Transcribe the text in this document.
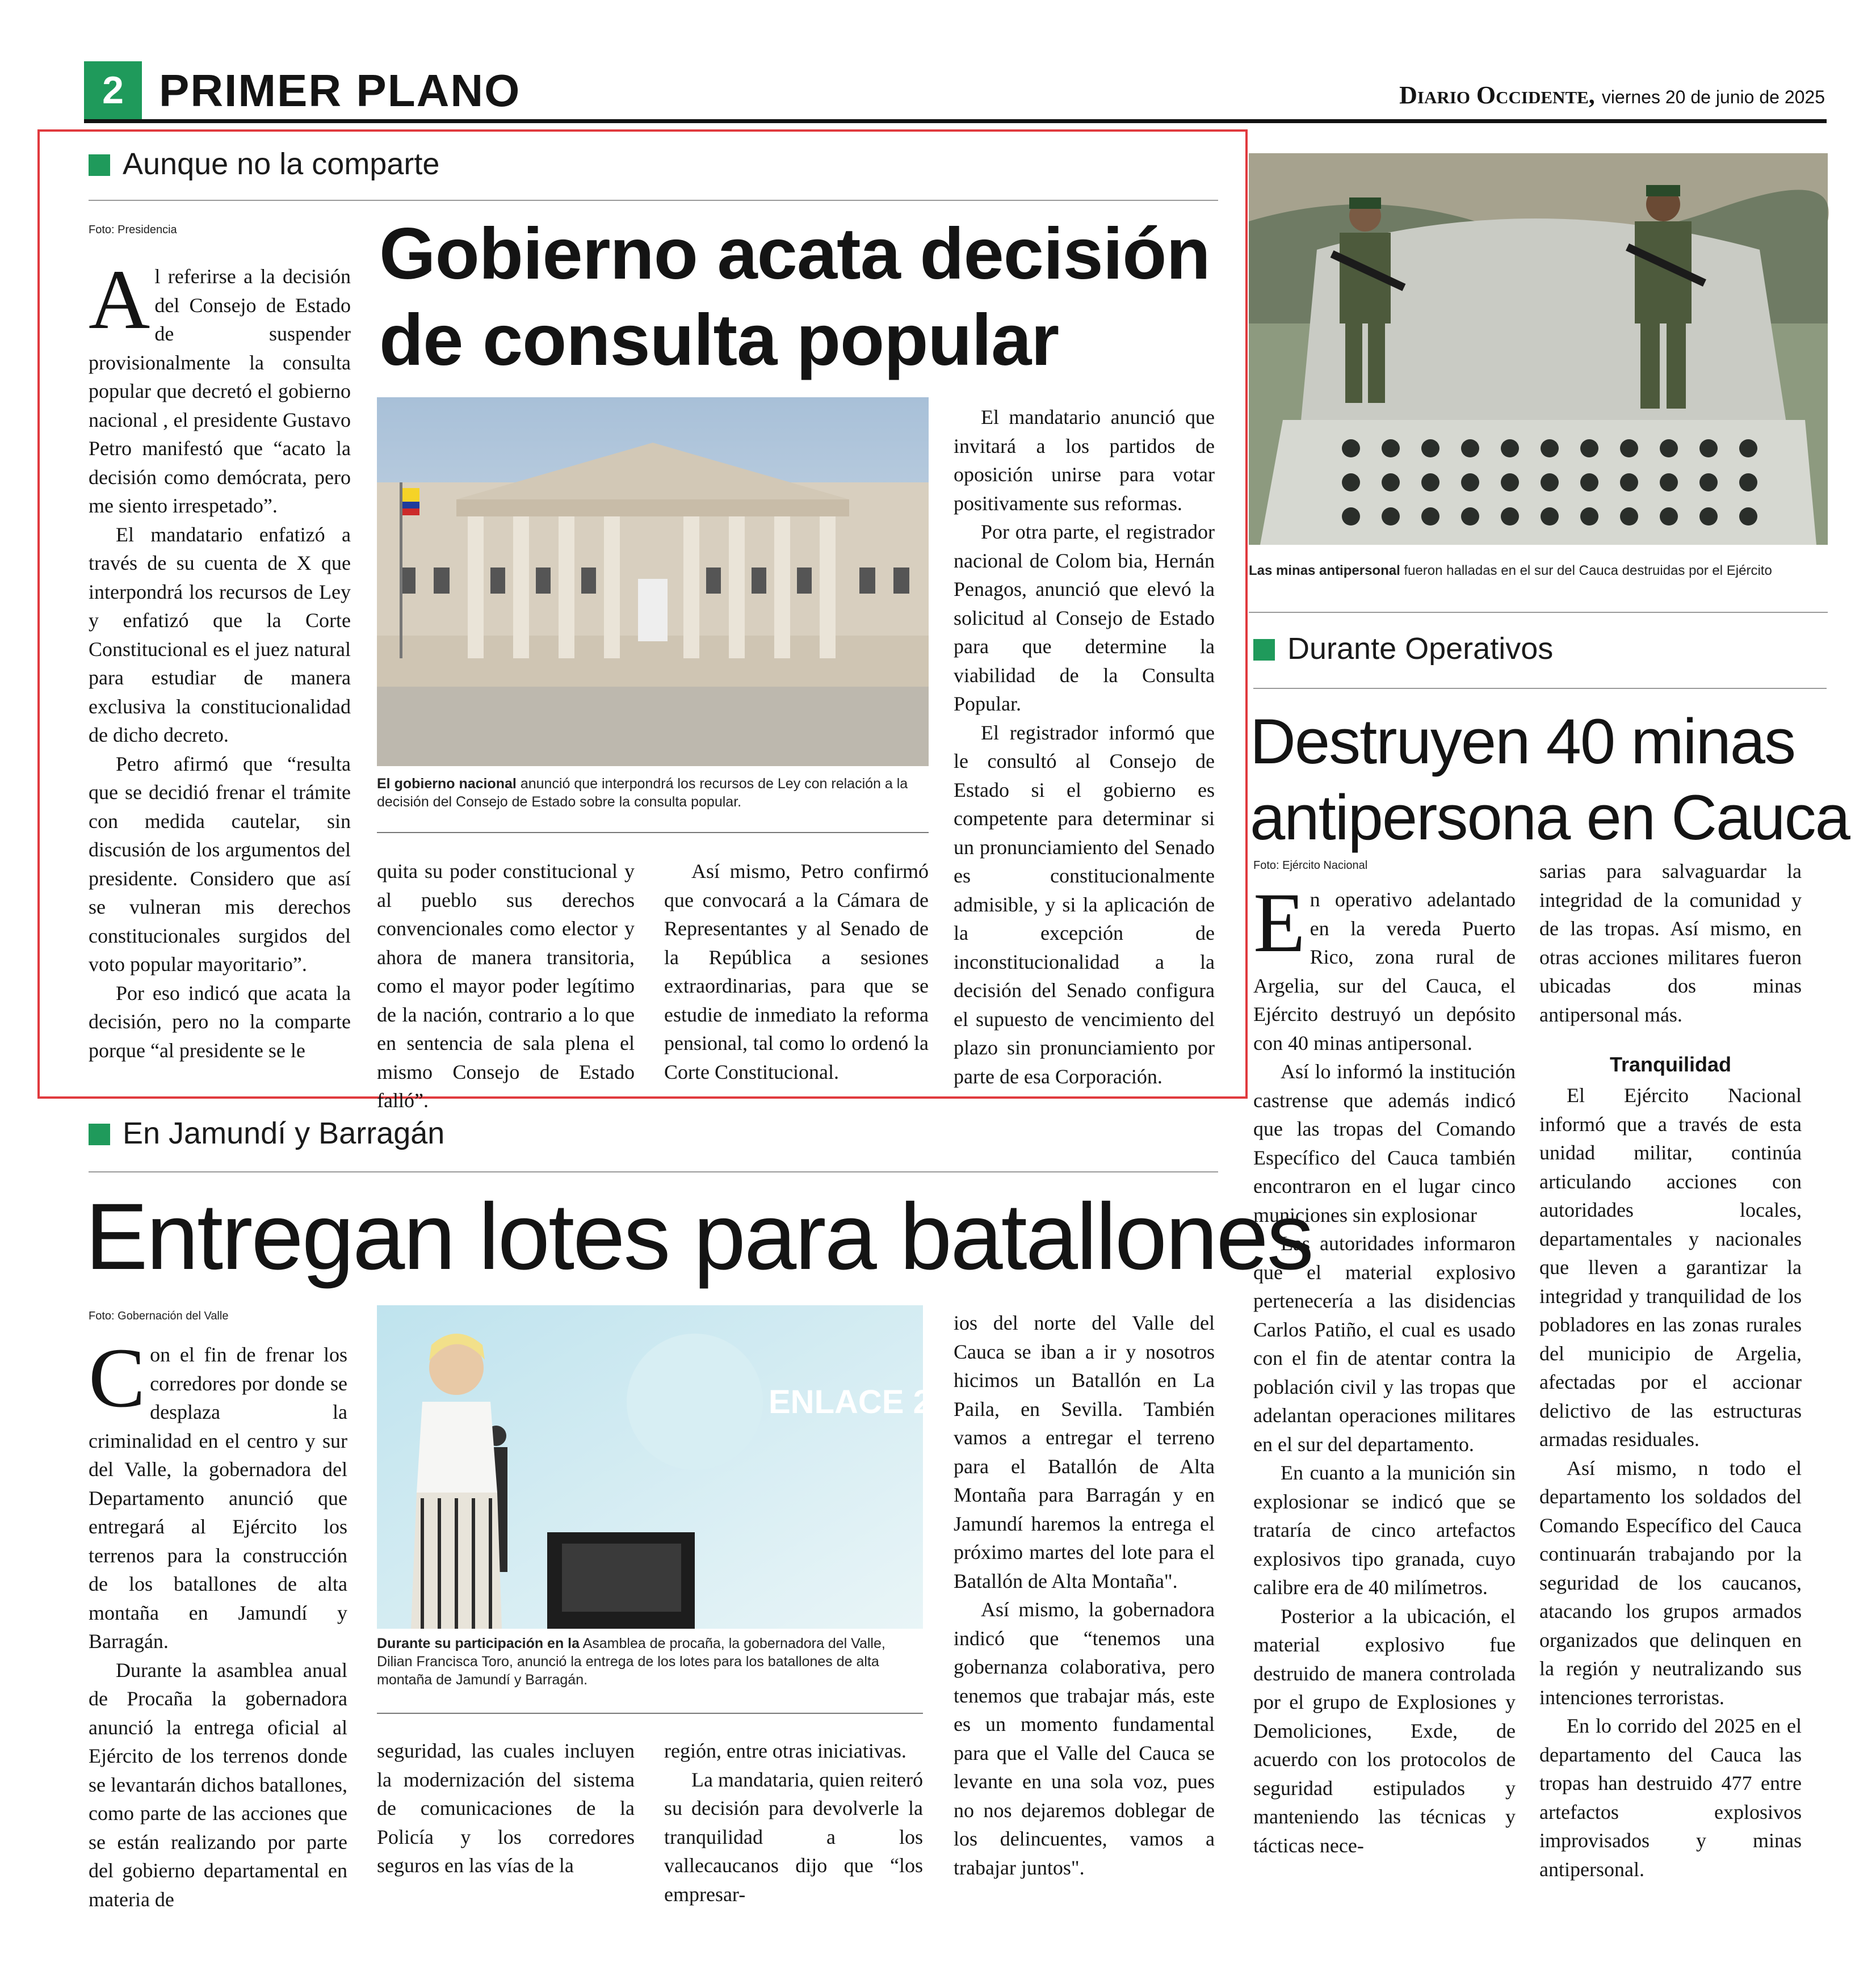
2 PRIMER PLANO	Diario Occidente, viernes 20 de junio de 2025
Aunque no la comparte
Foto: Presidencia	Gobierno acata decisión
de consulta popular
El gobierno nacional anunció que interpondrá los recursos de Ley con relación a la decisión del Consejo de Estado sobre la consulta popular.
A l referirse a la decisión del Consejo de Estado de suspender provisionalmente la consulta popular que decretó el gobierno nacional , el presidente Gustavo Petro manifestó que “acato la decisión como demócrata, pero me siento irrespetado”.

El mandatario enfatizó a través de su cuenta de X que interpondrá los recursos de Ley y enfatizó que la Corte Constitucional es el juez natural para estudiar de manera exclusiva la constitucionalidad de dicho decreto.

Petro afirmó que “resulta que se decidió frenar el trámite con medida cautelar, sin discusión de los argumentos del presidente. Considero que así se vulneran mis derechos constitucionales surgidos del voto popular mayoritario”.

Por eso indicó que acata la decisión, pero no la comparte porque “al presidente se le

quita su poder constitucional y al pueblo sus derechos convencionales como elector y ahora de manera transitoria, como el mayor poder legítimo de la nación, contrario a lo que en sentencia de sala plena el mismo Consejo de Estado falló”.

Así mismo, Petro confirmó que convocará a la Cámara de Representantes y al Senado de la República a sesiones extraordinarias, para que se estudie de inmediato la reforma pensional, tal como lo ordenó la Corte Constitucional.

El mandatario anunció que invitará a los partidos de oposición unirse para votar positivamente sus reformas.

Por otra parte, el registrador nacional de Colom bia, Hernán Penagos, anunció que elevó la solicitud al Consejo de Estado para que determine la viabilidad de la Consulta Popular.

El registrador informó que le consultó al Consejo de Estado si el gobierno es competente para determinar si un pronunciamiento del Senado es constitucionalmente admisible, y si la aplicación de la excepción de inconstitucionalidad a la decisión del Senado configura el supuesto de vencimiento del plazo sin pronunciamiento por parte de esa Corporación.

En Jamundí y Barragán
Entregan lotes para batallones
Foto: Gobernación del Valle
ENLACE 2025
Durante su participación en la Asamblea de procaña, la gobernadora del Valle, Dilian Francisca Toro, anunció la entrega de los lotes para los batallones de alta montaña de Jamundí y Barragán.
C on el fin de frenar los corredores por donde se desplaza la criminalidad en el centro y sur del Valle, la gobernadora del Departamento anunció que entregará al Ejército los terrenos para la construcción de los batallones de alta montaña en Jamundí y Barragán.

Durante la asamblea anual de Procaña la gobernadora anunció la entrega oficial al Ejército de los terrenos donde se levantarán dichos batallones, como parte de las acciones que se están realizando por parte del gobierno departamental en materia de

seguridad, las cuales incluyen la modernización del sistema de comunicaciones de la Policía y los corredores seguros en las vías de la

región, entre otras iniciativas.

La mandataria, quien reiteró su decisión para devolverle la tranquilidad a los vallecaucanos dijo que “los empresar-

ios del norte del Valle del Cauca se iban a ir y nosotros hicimos un Batallón en La Paila, en Sevilla. También vamos a entregar el terreno para el Batallón de Alta Montaña para Barragán y en Jamundí haremos la entrega el próximo martes del lote para el Batallón de Alta Montaña".

Así mismo, la gobernadora indicó que “tenemos una gobernanza colaborativa, pero tenemos que trabajar más, este es un momento fundamental para que el Valle del Cauca se levante en una sola voz, pues no nos dejaremos doblegar de los delincuentes, vamos a trabajar juntos".

Las minas antipersonal fueron halladas en el sur del Cauca destruidas por el Ejército
Durante Operativos
Destruyen 40 minas
antipersona en Cauca
Foto: Ejército Nacional
E n operativo adelantado en la vereda Puerto Rico, zona rural de Argelia, sur del Cauca, el Ejército destruyó un depósito con 40 minas antipersonal.

Así lo informó la institución castrense que además indicó que las tropas del Comando Específico del Cauca también encontraron en el lugar cinco municiones sin explosionar

Las autoridades informaron que el material explosivo pertenecería a las disidencias Carlos Patiño, el cual es usado con el fin de atentar contra la población civil y las tropas que adelantan operaciones militares en el sur del departamento.

En cuanto a la munición sin explosionar se indicó que se trataría de cinco artefactos explosivos tipo granada, cuyo calibre era de 40 milímetros.

Posterior a la ubicación, el material explosivo fue destruido de manera controlada por el grupo de Explosiones y Demoliciones, Exde, de acuerdo con los protocolos de seguridad estipulados y manteniendo las técnicas y tácticas nece-

sarias para salvaguardar la integridad de la comunidad y de las tropas. Así mismo, en otras acciones militares fueron ubicadas dos minas antipersonal más.

Tranquilidad

El Ejército Nacional informó que a través de esta unidad militar, continúa articulando acciones con autoridades locales, departamentales y nacionales que lleven a garantizar la integridad y tranquilidad de los pobladores en las zonas rurales del municipio de Argelia, afectadas por el accionar delictivo de las estructuras armadas residuales.

Así mismo, n todo el departamento los soldados del Comando Específico del Cauca continuarán trabajando por la seguridad de los caucanos, atacando los grupos armados organizados que delinquen en la región y neutralizando sus intenciones terroristas.

En lo corrido del 2025 en el departamento del Cauca las tropas han destruido 477 entre artefactos explosivos improvisados y minas antipersonal.
